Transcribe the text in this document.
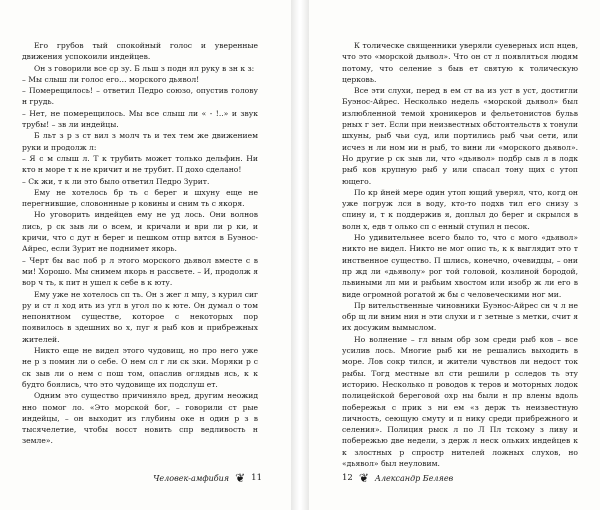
Его грубов тый спокойный голос и уверенные движения успокоили индейцев.

Он з говорили все ср зу. Б льш з подн ял руку в зн к з:

– Мы слыш ли голос его… морского дьявол!

– Померещилось! – ответил Педро союзо, опустив голову н грудь.

– Нет, не померещилось. Мы все слыш ли « - !..» и звук трубы! – зв ли индейцы.

Б льт з р з ст вил з молч ть и тех тем же движением руки и продолж л:

– Я с м слыш л. Т к трубить может только дельфин. Ни кто н море т к не кричит и не трубит. П дохо сделано!

– Ск жи, т к ли это было ответил Педро Зурит.

Ему не хотелось бр ть с берег и шхуну еще не перегнившие, словоннные р ковины и сним ть с якоря.

Но уговорить индейцев ему не уд лось. Они волнов лись, р ск зыв ли о всем, и кричали и ври ли р ки, и кричи, что с дут н берег и пешком отпр вятся в Буэнос-Айрес, если Зурит не поднимет якорь.

– Черт бы вас поб р л этого морского дьявол вместе с в ми! Хорошо. Мы снимем якорь н рассвете. – И, продолж я вор ч ть, к пит н ушел к себе в к юту.

Ему уже не хотелось сп ть. Он з жег л мпу, з курил сиг ру и ст л ход ить из угл в угол по к юте. Он думал о том непонятном существе, которое с некоторых пор появилось в здешних во х, пуг я рыб ков и прибрежных жителей.

Никто еще не видел этого чудовищ, но про него уже не р з помин ли о себе. О нем сл г ли ск зки. Моряки р с ск зыв ли о нем с пош том, опаслив оглядыв ясь, к к будто боялись, что это чудовище их подслуш ет.

Одним это существо причиняло вред, другим неожид нно помог ло. «Это морской бог, – говорили ст рые индейцы, – он выходит из глубины оке н один р з в тысячелетие, чтобы восст новить спр ведливость н земле».

Человек-амфибия ❦ 11

К толическе священники уверяли суеверных исп нцев, что это «морской дьявол». Что он ст л появляться людям потому, что селение з быв ет святую к толическую церковь.

Все эти слухи, перед в ем ст ва из уст в уст, достигли Буэнос-Айрес. Несколько недель «морской дьявол» был излюбленной темой хроникеров и фельетонистов бульв рных г зет. Если при неизвестных обстоятельств х тонули шхуны, рыб чьи суд, или портились рыб чьи сети, или исчез н ли ном ии н рыб, то вини ли «морского дьявол». Но другие р ск зыв ли, что «дьявол» подбр сыв л в лодк рыб ков крупную рыб у или спасал тону щих с утоп ющего.

По кр йней мере один утоп ющий уверял, что, когд он уже погруж лся в воду, кто-то подхв тил его снизу з спину и, т к поддержив я, доплыл до берег и скрылся в волн х, едв т олько сп с енный ступил н песок.

Но удивительнее всего было то, что с мого «дьявол» никто не видел. Никто не мог опис ть, к к выглядит это т инственное существо. П шлись, конечно, очевидцы, – они пр жд ли «дьяволу» рог той головой, козлиной бородой, львиными лп ми и рыбьим хвостом или изобр ж ли его в виде огромной рогатой ж бы с человеческими ног ми.

Пр вительственные чиновники Буэнос-Айрес сн ч л не обр щ ли вним ния н эти слухи и г зетные з метки, счит я их досужим вымыслом.

Но волнение – гл вным обр зом среди рыб ков – все усилив лось. Многие рыб ки не решались выходить в море. Лов сокр тился, и жители чувствов ли недост ток рыбы. Тогд местные вл сти решили р сследов ть эту историю. Несколько п роводов к теров и моторных лодок полицейской береговой охр ны были н пр влены вдоль побережья с прик з ни ем «з держ ть неизвестную личность, сеющую смуту и п нику среди прибрежного и селения». Полиция рыск л по Л Пл тскому з ливу и побережью две недели, з держ л неск ольких индейцев к к злостных р спростр нителей ложных слухов, но «дьявол» был неуловим.

12 ❦ Александр Беляев
